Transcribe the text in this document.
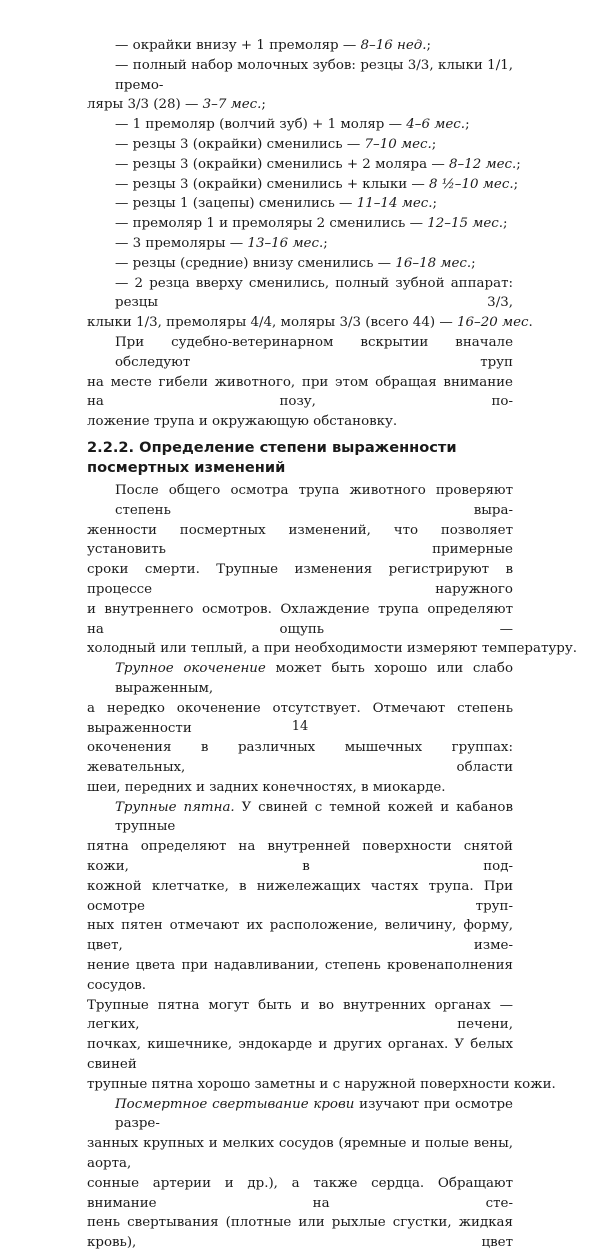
— окрайки внизу + 1 премоляр — 8–16 нед.;
— полный набор молочных зубов: резцы 3/3, клыки 1/1, премо-
ляры 3/3 (28) — 3–7 мес.;
— 1 премоляр (волчий зуб) + 1 моляр — 4–6 мес.;
— резцы 3 (окрайки) сменились — 7–10 мес.;
— резцы 3 (окрайки) сменились + 2 моляра — 8–12 мес.;
— резцы 3 (окрайки) сменились + клыки — 8 ½–10 мес.;
— резцы 1 (зацепы) сменились — 11–14 мес.;
— премоляр 1 и премоляры 2 сменились — 12–15 мес.;
— 3 премоляры — 13–16 мес.;
— резцы (средние) внизу сменились — 16–18 мес.;
— 2 резца вверху сменились, полный зубной аппарат: резцы 3/3,
клыки 1/3, премоляры 4/4, моляры 3/3 (всего 44) — 16–20 мес.
При судебно-ветеринарном вскрытии вначале обследуют труп
на месте гибели животного, при этом обращая внимание на позу, по-
ложение трупа и окружающую обстановку.
2.2.2. Определение степени выраженности
посмертных изменений
После общего осмотра трупа животного проверяют степень выра-
женности посмертных изменений, что позволяет установить примерные
сроки смерти. Трупные изменения регистрируют в процессе наружного
и внутреннего осмотров. Охлаждение трупа определяют на ощупь —
холодный или теплый, а при необходимости измеряют температуру.
Трупное окоченение может быть хорошо или слабо выраженным,
а нередко окоченение отсутствует. Отмечают степень выраженности
окоченения в различных мышечных группах: жевательных, области
шеи, передних и задних конечностях, в миокарде.
Трупные пятна. У свиней с темной кожей и кабанов трупные
пятна определяют на внутренней поверхности снятой кожи, в под-
кожной клетчатке, в нижележащих частях трупа. При осмотре труп-
ных пятен отмечают их расположение, величину, форму, цвет, изме-
нение цвета при надавливании, степень кровенаполнения сосудов.
Трупные пятна могут быть и во внутренних органах — легких, печени,
почках, кишечнике, эндокарде и других органах. У белых свиней
трупные пятна хорошо заметны и с наружной поверхности кожи.
Посмертное свертывание крови изучают при осмотре разре-
занных крупных и мелких сосудов (яремные и полые вены, аорта,
сонные артерии и др.), а также сердца. Обращают внимание на сте-
пень свертывания (плотные или рыхлые сгустки, жидкая кровь), цвет
14
